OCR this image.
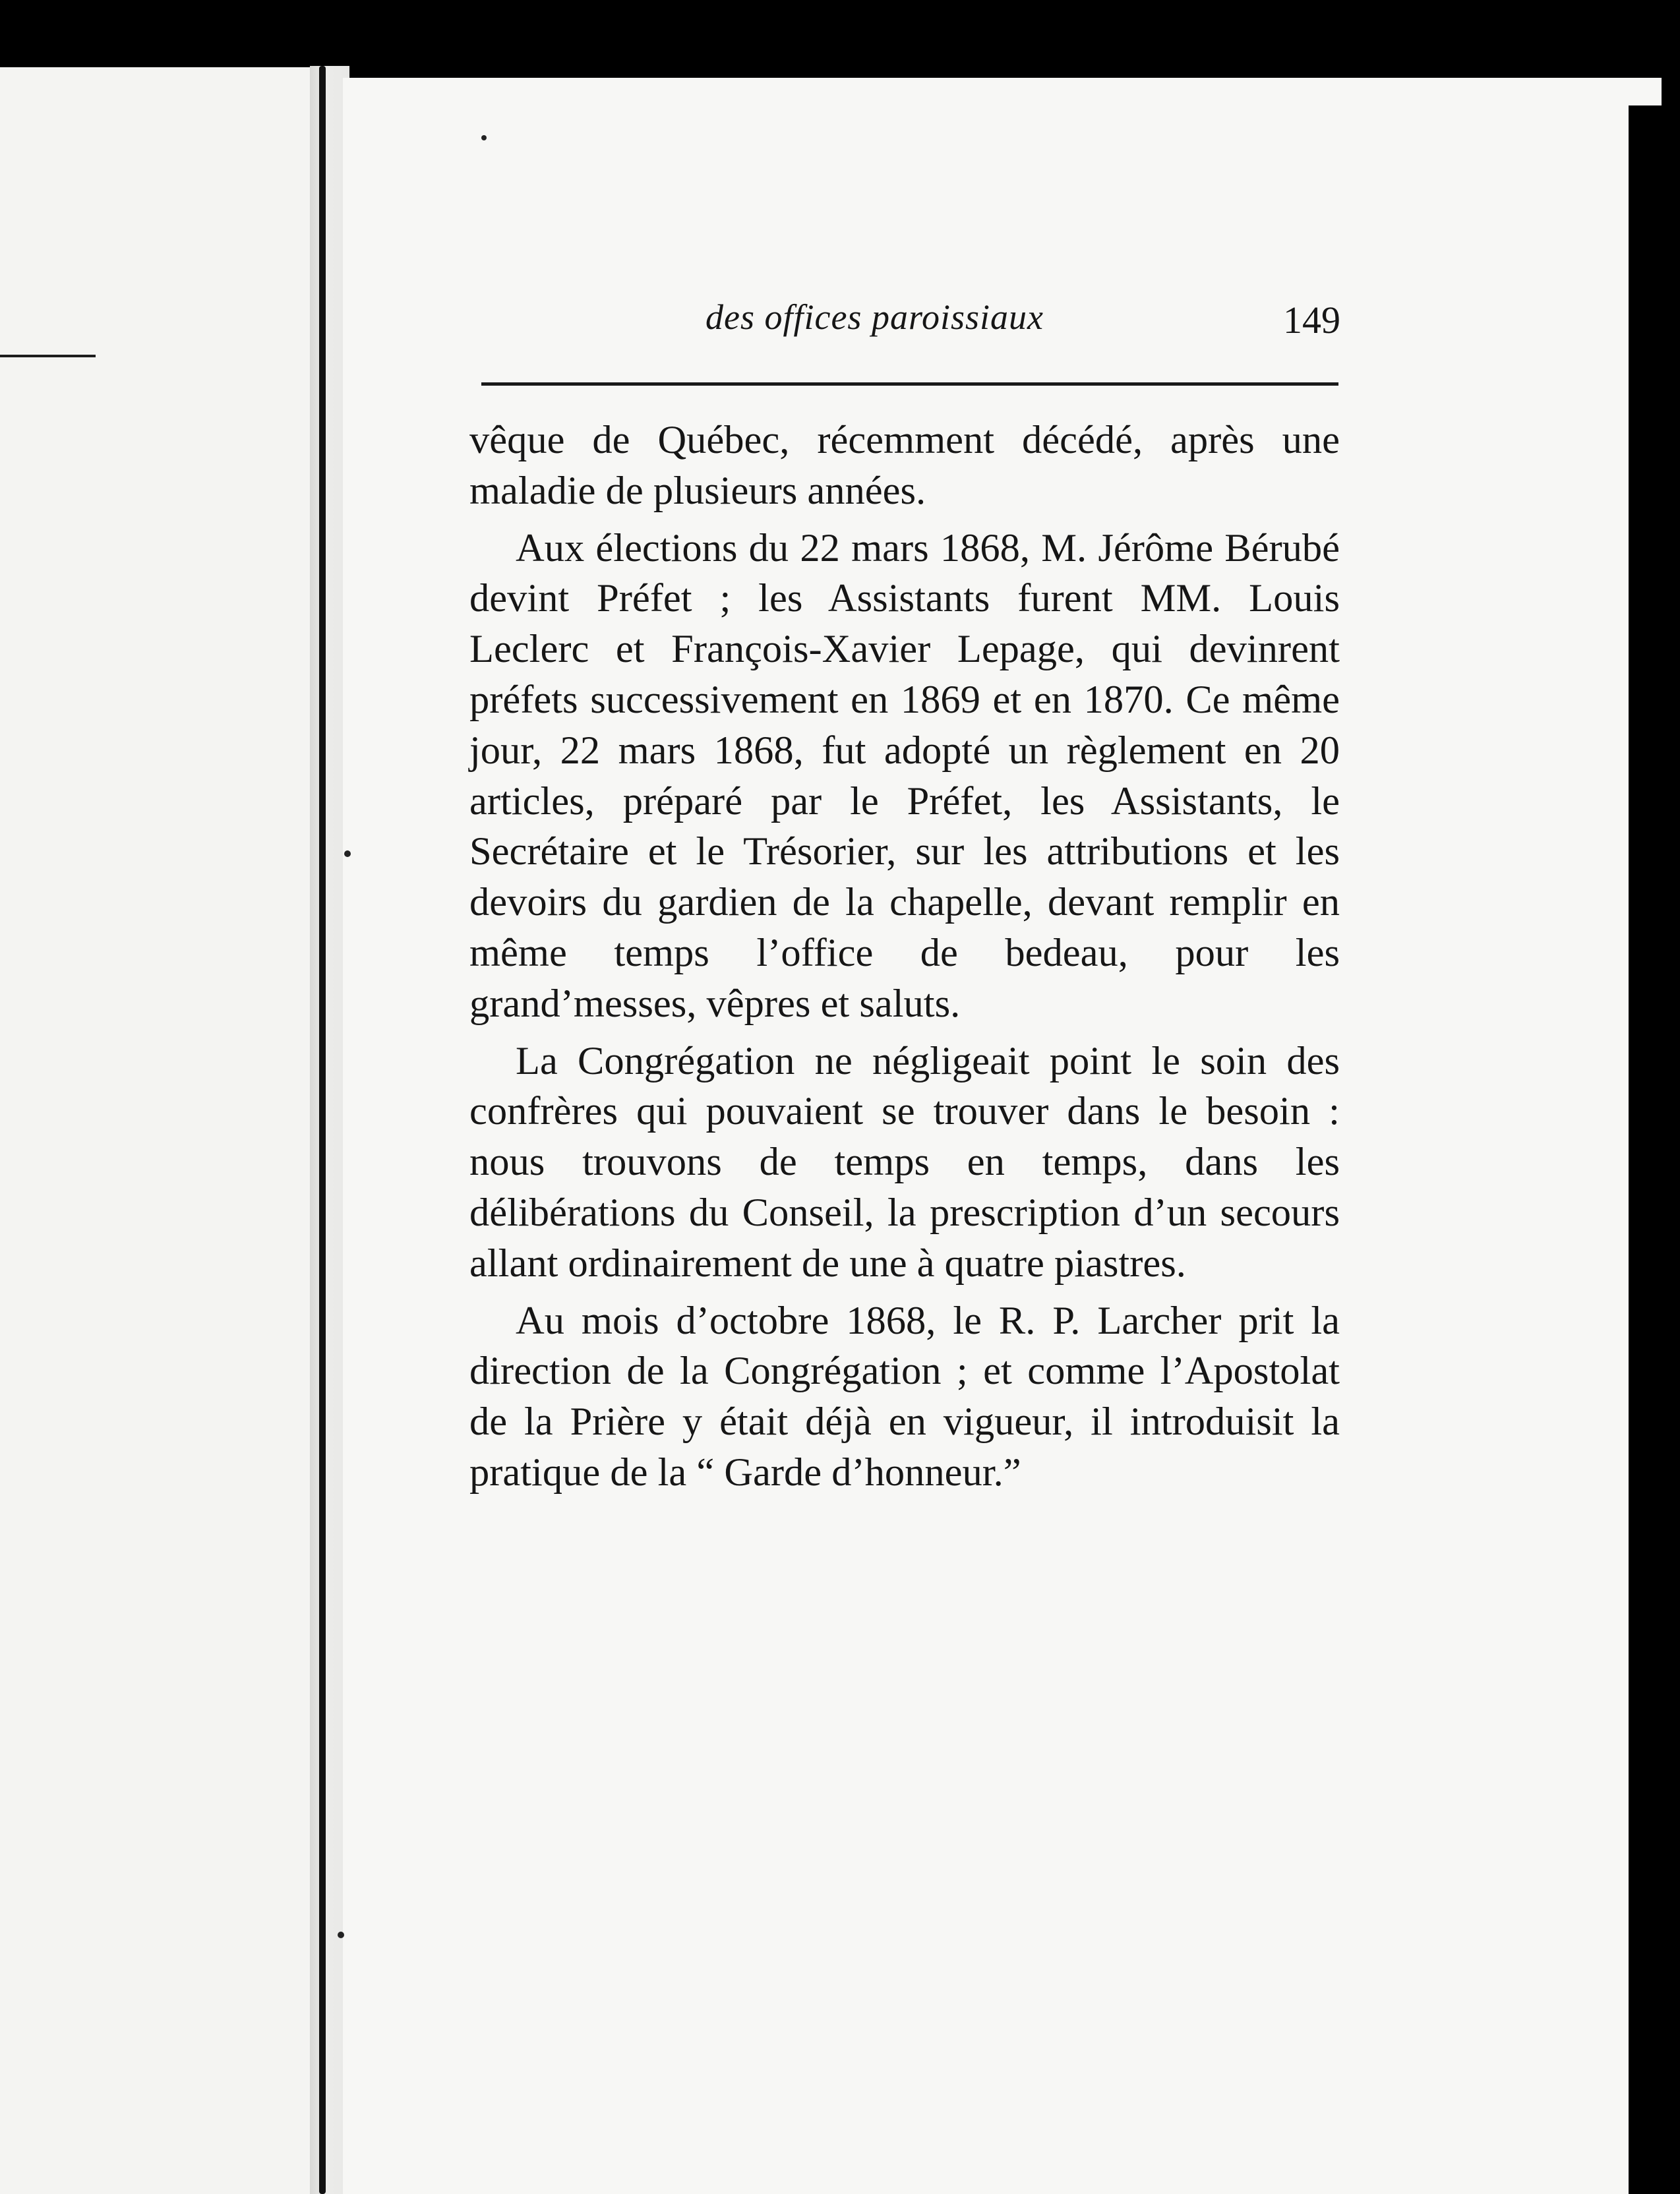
des offices paroissiaux	149

vêque de Québec, récemment décédé, après une maladie de plusieurs années.

Aux élections du 22 mars 1868, M. Jérôme Bérubé devint Préfet ; les Assistants furent MM. Louis Leclerc et François-Xavier Lepage, qui devinrent préfets successivement en 1869 et en 1870. Ce même jour, 22 mars 1868, fut adopté un règlement en 20 articles, préparé par le Préfet, les Assistants, le Secrétaire et le Trésorier, sur les attributions et les devoirs du gardien de la chapelle, devant remplir en même temps l’office de bedeau, pour les grand’messes, vêpres et saluts.

La Congrégation ne négligeait point le soin des confrères qui pouvaient se trouver dans le besoin : nous trouvons de temps en temps, dans les délibérations du Conseil, la prescription d’un secours allant ordinairement de une à quatre piastres.

Au mois d’octobre 1868, le R. P. Larcher prit la direction de la Congrégation ; et comme l’Apostolat de la Prière y était déjà en vigueur, il introduisit la pratique de la “ Garde d’honneur.”
